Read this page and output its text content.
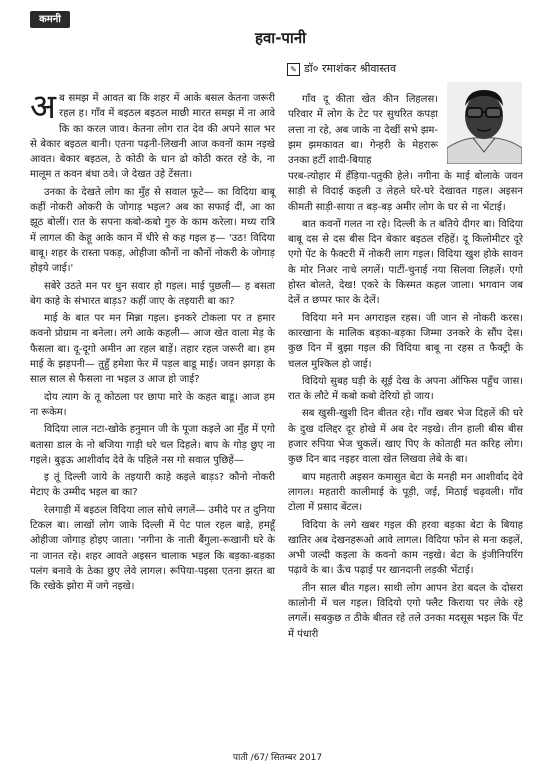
कमनी
हवा-पानी
✎ डॉ० रमाशंकर श्रीवास्तव

अब समझ में आवत बा कि शहर में आके बसल केतना जरूरी रहल ह। गाँव में बइठल बइठल माछी मारत समझ में ना आवे कि का करल जाव। केतना लोग रात देव की अपने साल भर से बेकार बइठल बानी। एतना पढ़नी-लिखनी आज कवनों काम नइखे आवत। बेकार बइठल, ठे कोठी के धान ढो कोठी करत रहे के, ना मालूम त कवन बंधा ठवे। जे देखत उहे टेंसता।

उनका के देखते लोग का मुँह से सवाल फूटे— का विदिया बाबू कहीं नोकरी ओकरी के जोगाड़ भइल? अब का सफाई दीं, आ का झूठ बोलीं। रात के सपना कबो-कबो गुरु के काम करेला। मध्य रात्रि में लागल की केहू आके कान में धीरे से कह गइल ह— 'उठ! विदिया बाबू। शहर के रास्ता पकड़, ओहीजा कौनों ना कौनों नोकरी के जोगाड़ होइये जाई।'

सबेरे उठते मन पर धुन सवार हो गइल। माई पुछली— ह बसता बेग काहे के संभारत बाड़ऽ? कहीं जाए के तइयारी बा का?

माई के बात पर मन मिन्ना गइल। इनकरे टोकला पर त हमार कवनो प्रोग्राम ना बनेला। लगे आके कहली— आज खेत वाला मेड़ के फैसला बा। दू-दूगो अमीन आ रहल बाड़ें। तहार रहल जरूरी बा। हम माई के झड़पनी— तुहुँ हमेशा फेर में पड़ल बाडू माई। जवन झगड़ा के साल साल से फैसला ना भइल उ आज हो जाई?

दोय त्याग के तू कोठला पर छापा मारे के कहत बाडू। आज हम ना रूकेम।

विदिया लाल नटा-खोके हनुमान जी के पूजा कइले आ मुँह में एगो बतासा डाल के नो बजिया गाड़ी धरे चल दिहले। बाप के गोड़ छुए ना गइले। बुढ़ऊ आशीर्वाद देवे के पहिले नस गो सवाल पुछिहें—

इ तूं दिल्ली जाये के तइयारी काहे कइले बाड़ऽ? कौनो नोकरी मेटाए के उम्मीद भइल बा का?

रेलगाड़ी में बइठल विदिया लाल सोचे लगलें— उमीदे पर त दुनिया टिकल बा। लाखों लोग जाके दिल्ली में पेट पाल रहल बाड़े, हमहूँ ओहीजा जोगाड़ होइए जाता। 'नगीना के नाती बैंगुला-रूखानी घरे के ना जानत रहे। शहर आवते अइसन चालाक भइल कि बड़का-बड़का पलंग बनावे के ठेका छुए लेवे लागल। रूपिया-पइसा एतना झरत बा कि रखेके झोरा में जगे नइखे।

गाँव दू कीता खेत कीन लिहलस। परिवार में लोग के टेट पर सुथरित कपड़ा लत्ता ना रहे, अब जाके ना देखीं सभे झम-झम झमकावत बा। गेन्हरी के मेहरारू उनका हर्टी शादी-बियाह

परब-त्योहार में हँड़िया-पतुकी हेले। नगीना के माई बोलाके जवन साड़ी से विदाई कइली उ लेहले घरे-घरे देखावत गइल। अइसन कीमती साड़ी-साया त बड़-बड़ अमीर लोग के घर से ना भेंटाई।

बात कवनों गलत ना रहे। दिल्ली के त बतिये दीगर बा। विदिया बाबू दस से दस बीस दिन बेकार बइठल रहिहें। दू किलोमीटर दूरे एगो पेंट के फैक्टरी में नोकरी लाग गइल। विदिया खुश होके सावन के मोर निअर नाचे लगलें। पाटीं-चुनाई नया सिलवा लिहलें। एगो होस्त बोलते, देख! एकरे के किस्मत कहल जाला। भगवान जब देलें त छप्पर फार के देलें।

विदिया मने मन अगराइल रहस। जी जान से नोकरी करस। कारखाना के मालिक बड़का-बड़का जिम्मा उनकरे के सौंप देस। कुछ दिन में बुझा गइल की विदिया बाबू ना रहस त फैक्ट्री के चलल मुश्किल हो जाई।

विदियो सुबह घड़ी के सूई देख के अपना ऑफिस पहुँच जास। रात के लौटे में कबो कबो देरियो हो जाय।

सब खुसी-खुशी दिन बीतत रहे। गाँव खबर भेज दिहलें की घरे के दुख दलिद्दर दूर होखे में अब देर नइखे। तीन हाली बीस बीस हजार रुपिया भेज चुकलें। खाए पिए के कोताही मत करिह लोग। कुछ दिन बाद नइहर वाला खेत लिखवा लेबे के बा।

बाप महतारी अइसन कमासुत बेटा के मनही मन आशीर्वाद देवे लागल। महतारी कालीमाई के पूड़ी, जई, मिठाई चढ़वली। गाँव टोला में प्रसाद बेंटल।

विदिया के लगे खबर गइल की हरवा बड़का बेटा के बियाह खातिर अब देखनहरूओ आवे लागल। विदिया फोन से मना कइलें, अभी जल्दी कइला के कवनो काम नइखे। बेटा के इंजीनियरिंग पढ़ावे के बा। ऊँच पढ़ाई पर खानदानी लड़की भेंटाई।

तीन साल बीत गइल। साथी लोग आपन डेरा बदल के दोसरा कालोनी में चल गइल। विदियो एगो फ्लैट किराया पर लेके रहे लगलें। सबकुछ त ठीके बीतत रहे तले उनका मदसूस भइल कि पेंट में पंधारी

पाती /67/ सितम्बर 2017
